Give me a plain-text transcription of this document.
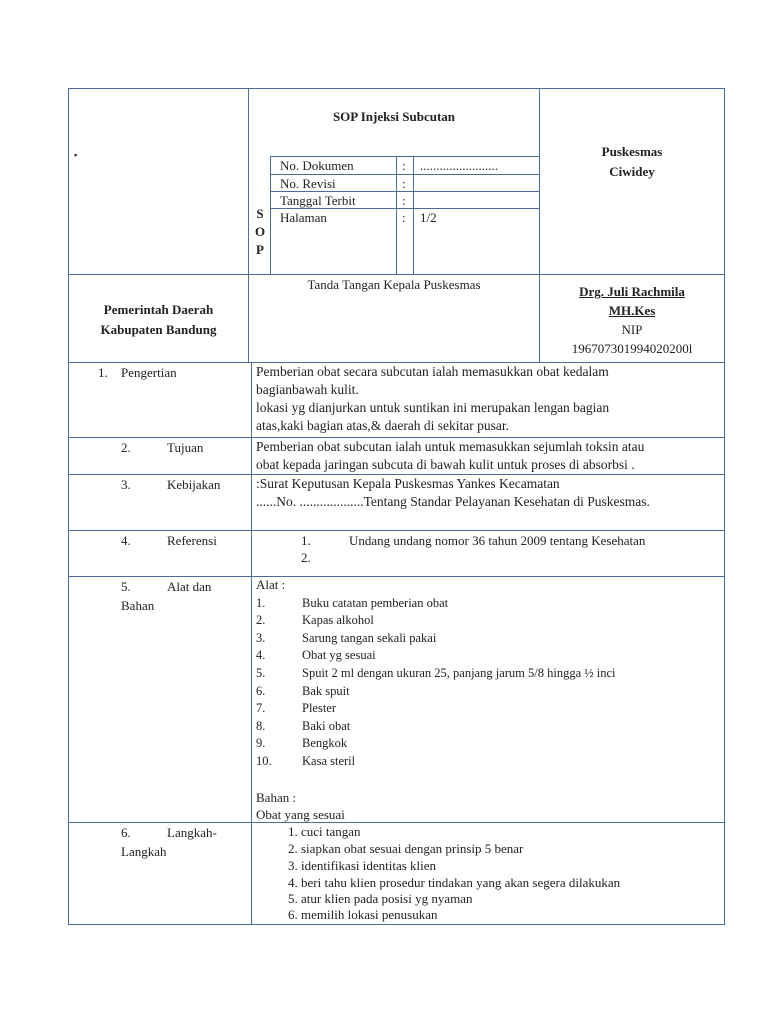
▪
SOP Injeksi Subcutan
S
O
P
No. Dokumen	: ........................
No. Revisi	:
Tanggal Terbit	:
Halaman	: 1/2
Puskesmas
Ciwidey
Pemerintah Daerah
Kabupaten Bandung
Tanda Tangan Kepala Puskesmas	Drg. Juli Rachmila
MH.Kes
NIP
196707301994020200l
1. Pengertian	Pemberian obat secara subcutan ialah memasukkan obat kedalam
bagianbawah kulit.
lokasi yg dianjurkan untuk suntikan ini merupakan lengan bagian
atas,kaki bagian atas,& daerah di sekitar pusar.
2.	Tujuan	Pemberian obat subcutan ialah untuk memasukkan sejumlah toksin atau
obat kepada jaringan subcuta di bawah kulit untuk proses di absorbsi .
3.	Kebijakan	:Surat Keputusan Kepala Puskesmas Yankes Kecamatan
......No. ...................Tentang Standar Pelayanan Kesehatan di Puskesmas.
4.	Referensi	1.	Undang undang nomor 36 tahun 2009 tentang Kesehatan
2.
5.	Alat dan
Bahan
Alat :
1.	Buku catatan pemberian obat
2.	Kapas alkohol
3.	Sarung tangan sekali pakai
4.	Obat yg sesuai
5.	Spuit 2 ml dengan ukuran 25, panjang jarum 5/8 hingga ½ inci
6.	Bak spuit
7.	Plester
8.	Baki obat
9.	Bengkok
10. Kasa steril
Bahan :
Obat yang sesuai
6.	Langkah-
Langkah
1. cuci tangan
2. siapkan obat sesuai dengan prinsip 5 benar
3. identifikasi identitas klien
4. beri tahu klien prosedur tindakan yang akan segera dilakukan
5. atur klien pada posisi yg nyaman
6. memilih lokasi penusukan
